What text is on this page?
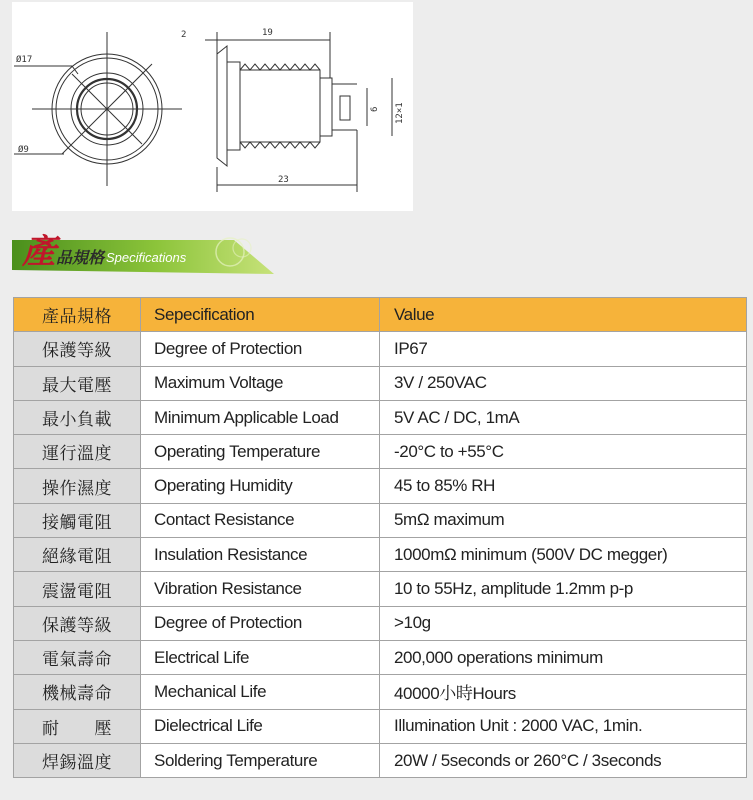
Ø17
Ø9
2	19
23
6 12×1
產品規格 Specifications
產品規格	Sepecification	Value
保護等級	Degree of Protection	IP67
最大電壓	Maximum Voltage	3V / 250VAC
最小負載	Minimum Applicable Load	5V AC / DC, 1mA
運行溫度	Operating Temperature	-20°C to +55°C
操作濕度	Operating Humidity	45 to 85% RH
接觸電阻	Contact Resistance	5mΩ maximum
絕緣電阻	Insulation Resistance	1000mΩ minimum (500V DC megger)
震盪電阻	Vibration Resistance	10 to 55Hz, amplitude 1.2mm p-p
保護等級	Degree of Protection	>10g
電氣壽命	Electrical Life	200,000 operations minimum
機械壽命	Mechanical Life	40000小時Hours
耐　　壓	Dielectrical Life	Illumination Unit : 2000 VAC, 1min.
焊錫溫度	Soldering Temperature	20W / 5seconds or 260°C / 3seconds
